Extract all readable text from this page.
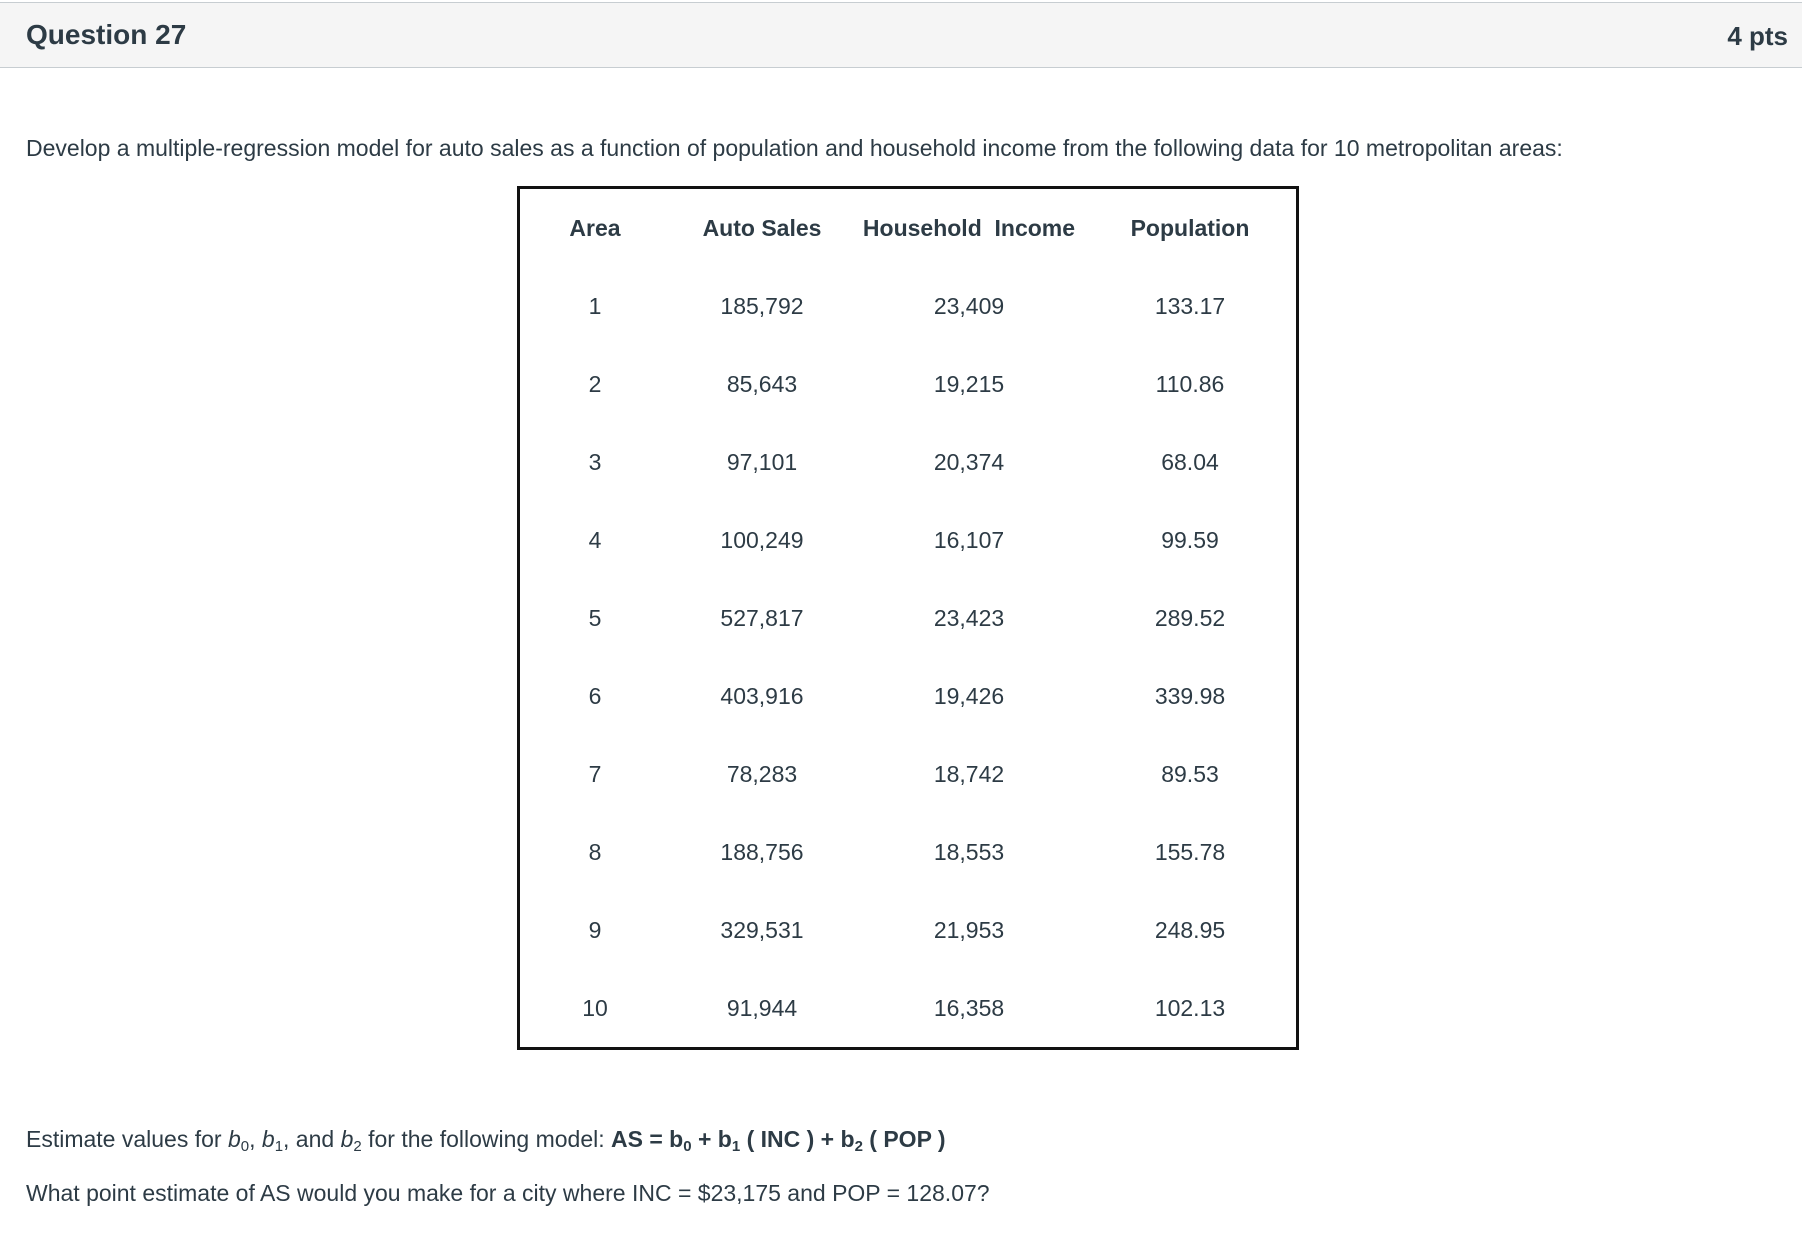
Question 27	4 pts
Develop a multiple-regression model for auto sales as a function of population and household income from the following data for 10 metropolitan areas:
Area	Auto Sales	Household  Income	Population
1	185,792	23,409	133.17
2	85,643	19,215	110.86
3	97,101	20,374	68.04
4	100,249	16,107	99.59
5	527,817	23,423	289.52
6	403,916	19,426	339.98
7	78,283	18,742	89.53
8	188,756	18,553	155.78
9	329,531	21,953	248.95
10	91,944	16,358	102.13
Estimate values for $b_0$, $b_1$, and $b_2$ for the following model: AS = $b_0 + b_1$ ( INC ) + $b_2$ ( POP )
What point estimate of AS would you make for a city where INC = $23,175 and POP = 128.07?
